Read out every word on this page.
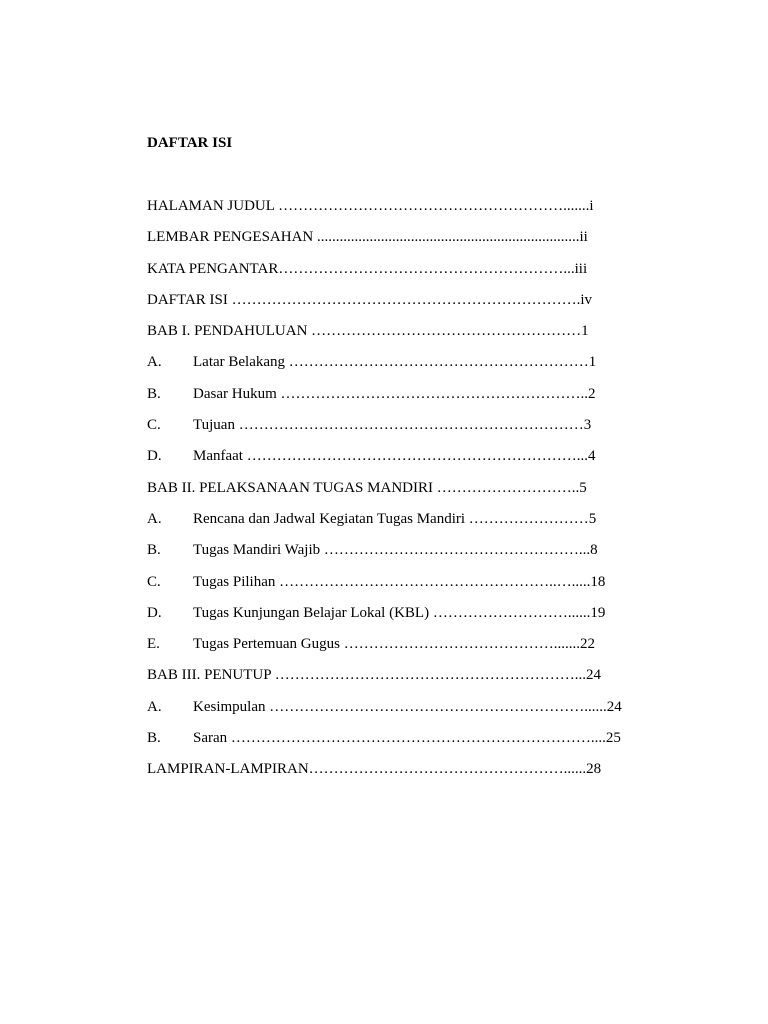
DAFTAR ISI
HALAMAN JUDUL ………………………………………………….......i
LEMBAR PENGESAHAN ......................................................................ii
KATA PENGANTAR…………………………………………………...iii
DAFTAR ISI …………………………………………………………….iv
BAB I. PENDAHULUAN ………………………………………………1
A.	Latar Belakang ……………………………………………………1
B.	Dasar Hukum ……………………………………………………..2
C.	Tujuan ……………………………………………………………3
D.	Manfaat …………………………………………………………...4
BAB II. PELAKSANAAN TUGAS MANDIRI ………………………..5
A.	Rencana dan Jadwal Kegiatan Tugas Mandiri ……………………5
B.	Tugas Mandiri Wajib ……………………………………………...8
C.	Tugas Pilihan ………………………………………………..….....18
D.	Tugas Kunjungan Belajar Lokal (KBL) ………………………......19
E.	Tugas Pertemuan Gugus …………………………………….......22
BAB III. PENUTUP ……………………………………………………...24
A.	Kesimpulan ………………………………………………………......24
B.	Saran ………………………………………………………………....25
LAMPIRAN-LAMPIRAN……………………………………………......28
